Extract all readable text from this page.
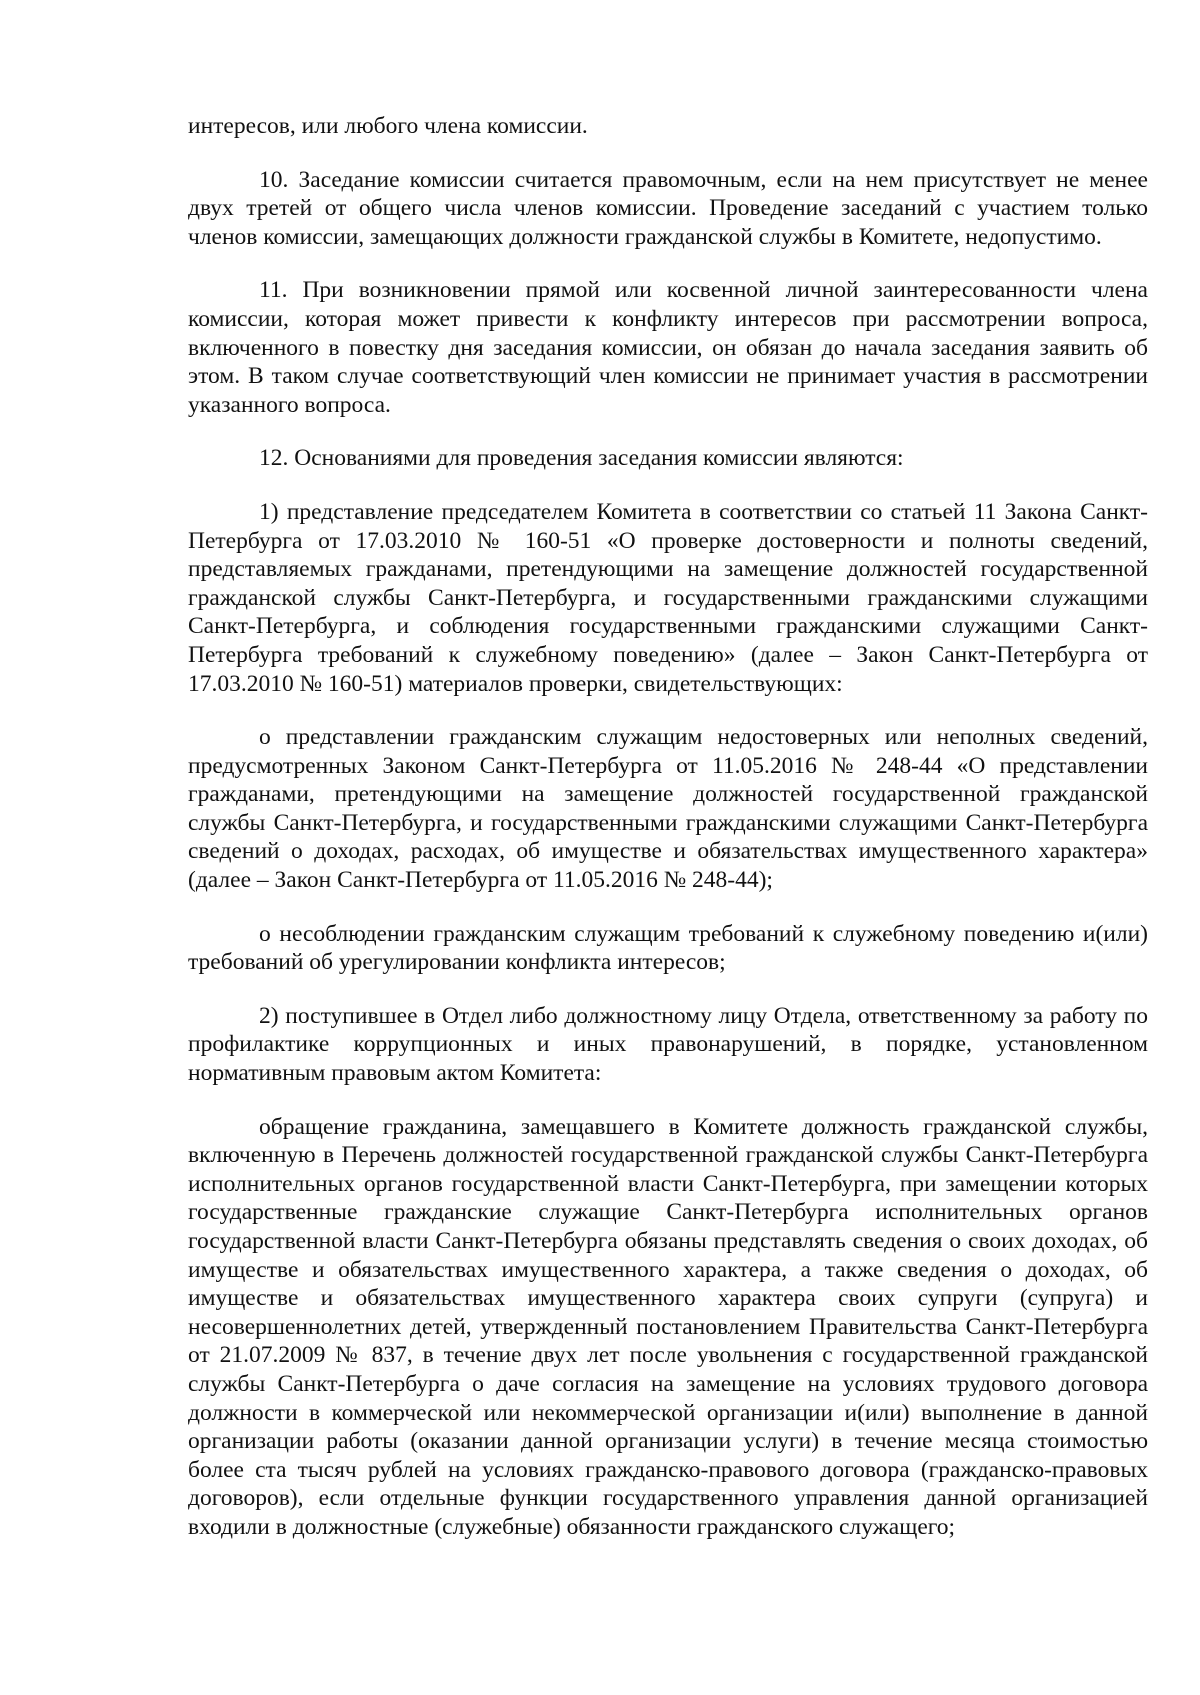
интересов, или любого члена комиссии.

10. Заседание комиссии считается правомочным, если на нем присутствует не менее двух третей от общего числа членов комиссии. Проведение заседаний с участием только членов комиссии, замещающих должности гражданской службы в Комитете, недопустимо.

11. При возникновении прямой или косвенной личной заинтересованности члена комиссии, которая может привести к конфликту интересов при рассмотрении вопроса, включенного в повестку дня заседания комиссии, он обязан до начала заседания заявить об этом. В таком случае соответствующий член комиссии не принимает участия в рассмотрении указанного вопроса.

12. Основаниями для проведения заседания комиссии являются:

1) представление председателем Комитета в соответствии со статьей 11 Закона Санкт-Петербурга от 17.03.2010 № 160-51 «О проверке достоверности и полноты сведений, представляемых гражданами, претендующими на замещение должностей государственной гражданской службы Санкт-Петербурга, и государственными гражданскими служащими Санкт-Петербурга, и соблюдения государственными гражданскими служащими Санкт-Петербурга требований к служебному поведению» (далее – Закон Санкт-Петербурга от 17.03.2010 № 160-51) материалов проверки, свидетельствующих:

о представлении гражданским служащим недостоверных или неполных сведений, предусмотренных Законом Санкт-Петербурга от 11.05.2016 № 248-44 «О представлении гражданами, претендующими на замещение должностей государственной гражданской службы Санкт-Петербурга, и государственными гражданскими служащими Санкт-Петербурга сведений о доходах, расходах, об имуществе и обязательствах имущественного характера» (далее – Закон Санкт-Петербурга от 11.05.2016 № 248-44);

о несоблюдении гражданским служащим требований к служебному поведению и(или) требований об урегулировании конфликта интересов;

2) поступившее в Отдел либо должностному лицу Отдела, ответственному за работу по профилактике коррупционных и иных правонарушений, в порядке, установленном нормативным правовым актом Комитета:

обращение гражданина, замещавшего в Комитете должность гражданской службы, включенную в Перечень должностей государственной гражданской службы Санкт-Петербурга исполнительных органов государственной власти Санкт-Петербурга, при замещении которых государственные гражданские служащие Санкт-Петербурга исполнительных органов государственной власти Санкт-Петербурга обязаны представлять сведения о своих доходах, об имуществе и обязательствах имущественного характера, а также сведения о доходах, об имуществе и обязательствах имущественного характера своих супруги (супруга) и несовершеннолетних детей, утвержденный постановлением Правительства Санкт-Петербурга от 21.07.2009 № 837, в течение двух лет после увольнения с государственной гражданской службы Санкт-Петербурга о даче согласия на замещение на условиях трудового договора должности в коммерческой или некоммерческой организации и(или) выполнение в данной организации работы (оказании данной организации услуги) в течение месяца стоимостью более ста тысяч рублей на условиях гражданско-правового договора (гражданско-правовых договоров), если отдельные функции государственного управления данной организацией входили в должностные (служебные) обязанности гражданского служащего;
